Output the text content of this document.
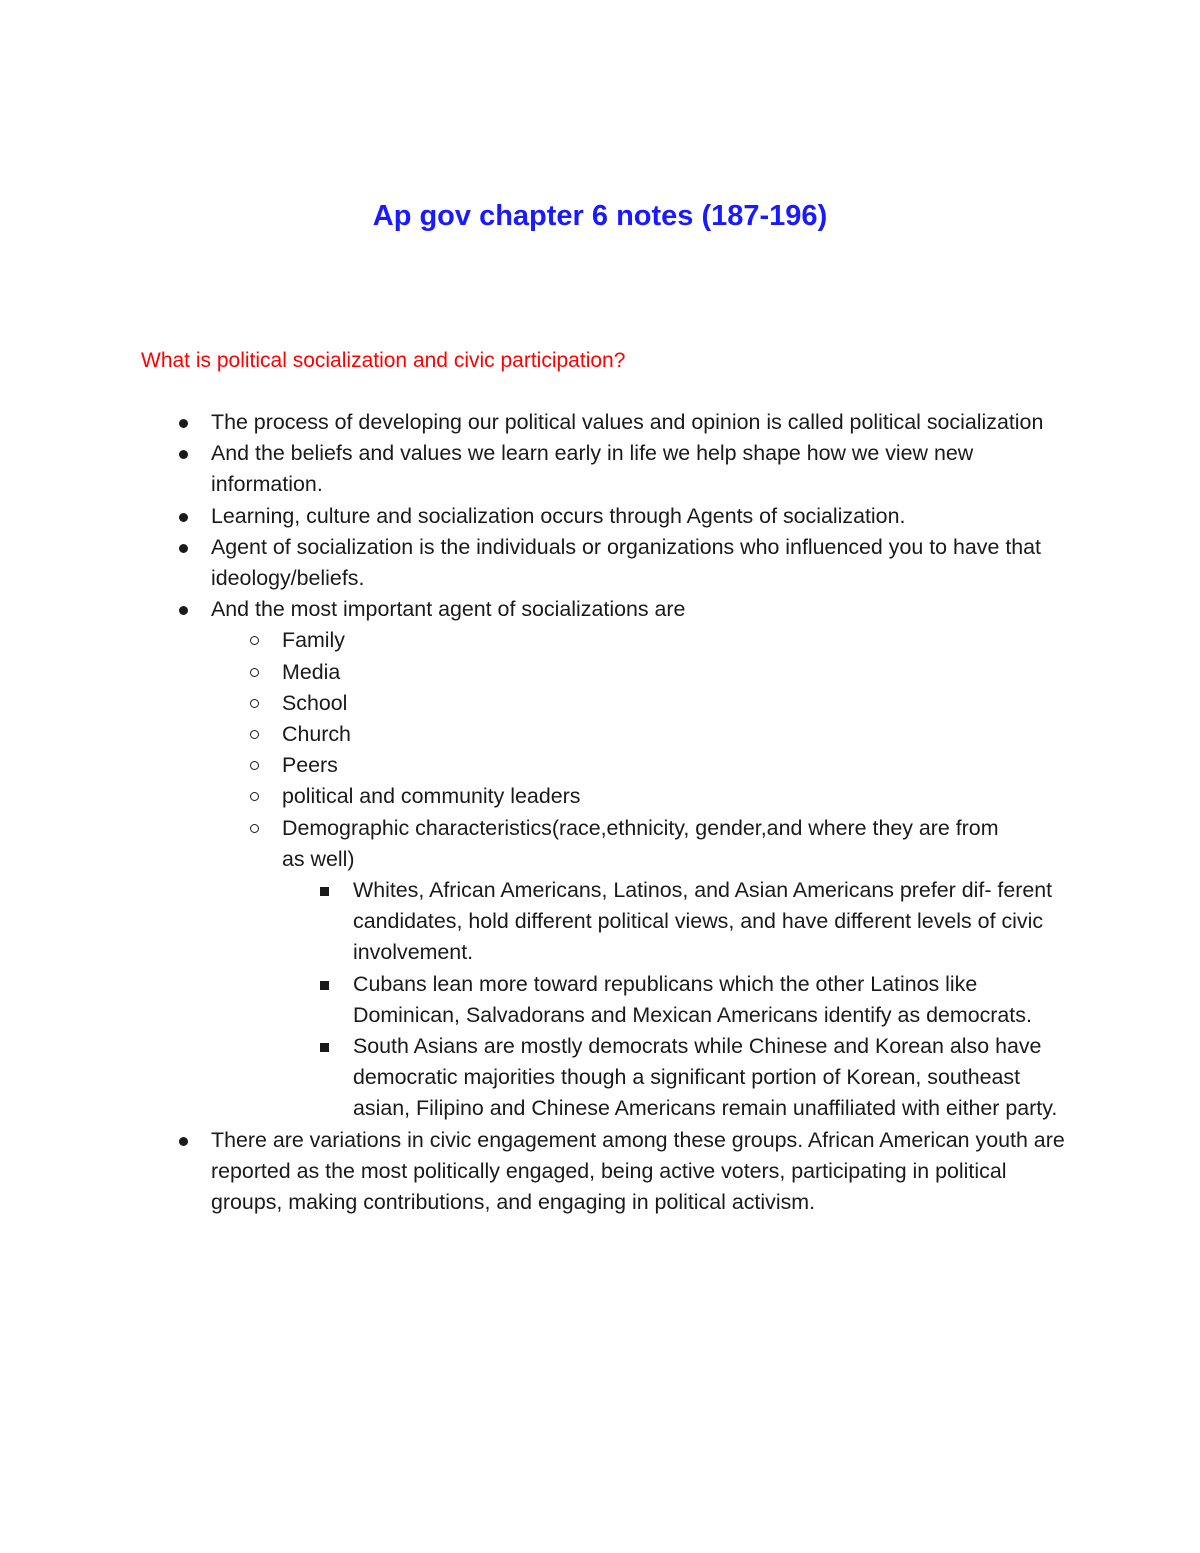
Ap gov chapter 6 notes (187-196)
What is political socialization and civic participation?
The process of developing our political values and opinion is called political socialization
And the beliefs and values we learn early in life we help shape how we view new information.
Learning, culture and socialization occurs through Agents of socialization.
Agent of socialization is the individuals or organizations who influenced you to have that ideology/beliefs.
And the most important agent of socializations are
Family
Media
School
Church
Peers
political and community leaders
Demographic characteristics(race,ethnicity, gender,and where they are from as well)
Whites, African Americans, Latinos, and Asian Americans prefer dif- ferent candidates, hold different political views, and have different levels of civic involvement.
Cubans lean more toward republicans which the other Latinos like Dominican, Salvadorans and Mexican Americans identify as democrats.
South Asians are mostly democrats while Chinese and Korean also have democratic majorities though a significant portion of Korean, southeast asian, Filipino and Chinese Americans remain unaffiliated with either party.
There are variations in civic engagement among these groups. African American youth are reported as the most politically engaged, being active voters, participating in political groups, making contributions, and engaging in political activism.
